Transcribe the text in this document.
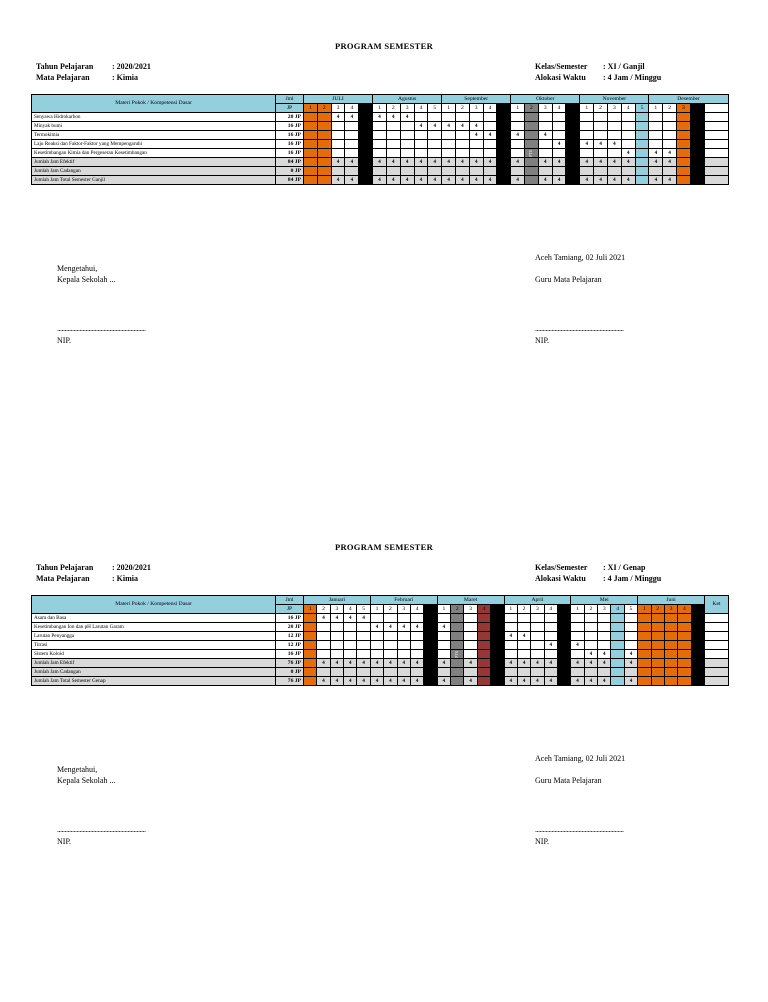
PROGRAM SEMESTER
Tahun Pelajaran	: 2020/2021
Mata Pelajaran	: Kimia
Kelas/Semester	: XI / Ganjil
Alokasi Waktu	: 4 Jam / Minggu
Materi Pokok / Kompetensi Dasar	Jml	JULI					Agustus					September					Oktober					November					Desember	
	JP	1	2	3	4		1	2	3	4	5	1	2	3	4		1	2	3	4		1	2	3	4	5	1	2	3	4		
Senyawa Hidrokarbon	20 JP			4	4		4	4	4																							
Minyak bumi	16 JP									4	4	4	4	4																		
Termokimia	16 JP													4	4		4		4													
Laju Reaksi dan Faktor-Faktor yang Mempengaruhi	16 JP																			4		4	4	4								
Kesetimbangan Kimia dan Pergeseran Kesetimbangan	16 JP																								4		4	4				
Jumlah Jam Efektif	84 JP			4	4		4	4	4	4	4	4	4	4	4		4		4	4		4	4	4	4		4	4				
Jumlah Jam Cadangan	0 JP																															
Jumlah Jam Total Semester Ganjil	84 JP			4	4		4	4	4	4	4	4	4	4	4		4		4	4		4	4	4	4		4	4				
Aceh Tamiang, 02 Juli 2021
Mengetahui,
Kepala Sekolah ...	Guru Mata Pelajaran
...........................................................	...........................................................
NIP.	NIP.
PTS
PROGRAM SEMESTER
Tahun Pelajaran	: 2020/2021
Mata Pelajaran	: Kimia
Kelas/Semester	: XI / Genap
Alokasi Waktu	: 4 Jam / Minggu
Materi Pokok / Kompetensi Dasar	Jml	Januari					Februari					Maret					April					Mei					Juni					Ket
	JP	1	2	3	4	5	1	2	3	4		1	2	3	4		1	2	3	4		1	2	3	4	5	1	2	3	4		
Asam dan Basa	16 JP		4	4	4	4																										
Kesetimbangan Ion dan pH Larutan Garam	20 JP						4	4	4	4		4																				
Larutan Penyangga	12 JP																4	4														
Titrasi	12 JP																			4		4										
Sistem Koloid	16 JP																						4	4		4						
Jumlah Jam Efektif	76 JP		4	4	4	4	4	4	4	4		4		4			4	4	4	4		4	4	4		4						
Jumlah Jam Cadangan	0 JP																															
Jumlah Jam Total Semester Genap	76 JP		4	4	4	4	4	4	4	4		4		4			4	4	4	4		4	4	4		4						
Aceh Tamiang, 02 Juli 2021
Mengetahui,
Kepala Sekolah ...	Guru Mata Pelajaran
...........................................................	...........................................................
NIP.	NIP.
PTS
